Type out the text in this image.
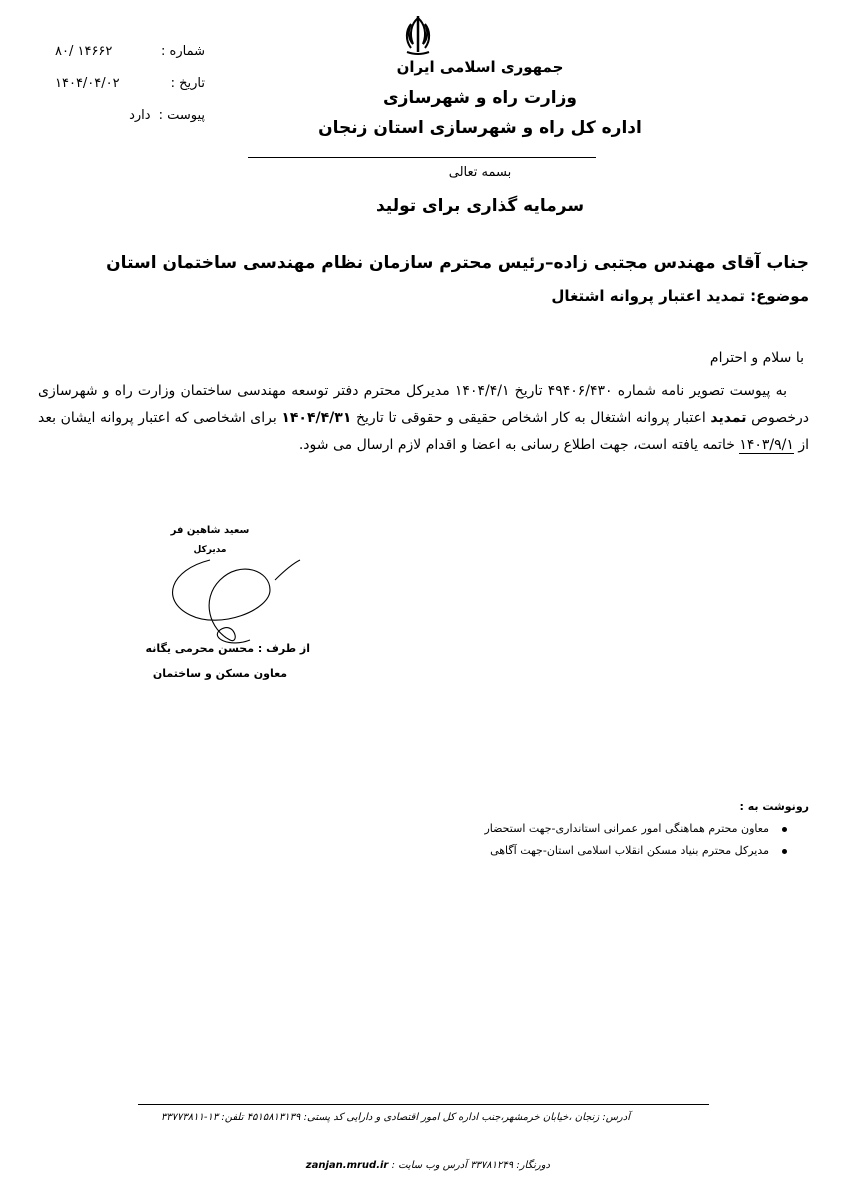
شماره :
۸۰/ ۱۴۶۶۲
تاریخ :
۱۴۰۴/۰۴/۰۲
پیوست :
دارد
جمهوری اسلامی ایران
وزارت راه و شهرسازی
اداره کل راه و شهرسازی استان زنجان
بسمه تعالی
سرمایه گذاری برای تولید
جناب آقای مهندس مجتبی زاده–رئیس محترم سازمان نظام مهندسی ساختمان استان
موضوع: تمدید اعتبار پروانه اشتغال
با سلام و احترام
به پیوست تصویر نامه شماره ۴۹۴۰۶/۴۳۰ تاریخ ۱۴۰۴/۴/۱ مدیرکل محترم دفتر توسعه مهندسی ساختمان وزارت راه و شهرسازی درخصوص تمدید اعتبار پروانه اشتغال به کار اشخاص حقیقی و حقوقی تا تاریخ ۱۴۰۴/۴/۳۱ برای اشخاصی که اعتبار پروانه ایشان بعد از ۱۴۰۳/۹/۱ خاتمه یافته است، جهت اطلاع رسانی به اعضا و اقدام لازم ارسال می شود.
سعید شاهین فر
مدیرکل
از طرف : محسن محرمی یگانه
معاون مسکن و ساختمان
رونوشت به :
معاون محترم هماهنگی امور عمرانی استانداری-جهت استحضار
مدیرکل محترم بنیاد مسکن انقلاب اسلامی استان-جهت آگاهی
آدرس: زنجان ،خیابان خرمشهر،جنب اداره کل امور اقتصادی و دارایی کد پستی: ۴۵۱۵۸۱۳۱۳۹ تلفن: ۱۳-۳۳۷۷۳۸۱۱
دورنگار: ۳۳۷۸۱۲۴۹ آدرس وب سایت : zanjan.mrud.ir
